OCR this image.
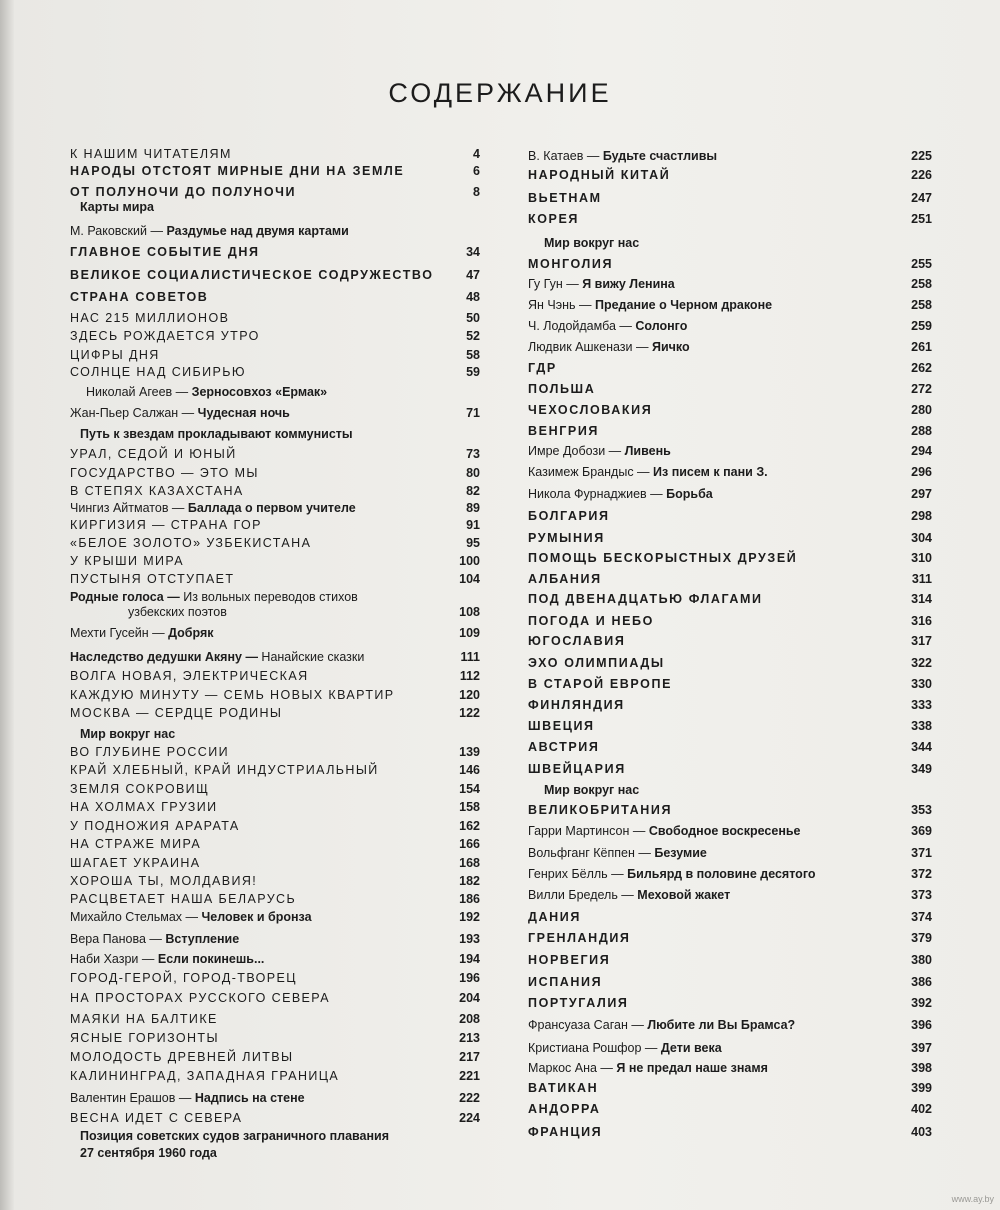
СОДЕРЖАНИЕ
К НАШИМ ЧИТАТЕЛЯМ	4
НАРОДЫ ОТСТОЯТ МИРНЫЕ ДНИ НА ЗЕМЛЕ	6
ОТ ПОЛУНОЧИ ДО ПОЛУНОЧИ	8
Карты мира
М. Раковский — Раздумье над двумя картами
ГЛАВНОЕ СОБЫТИЕ ДНЯ	34
ВЕЛИКОЕ СОЦИАЛИСТИЧЕСКОЕ СОДРУЖЕСТВО	47
СТРАНА СОВЕТОВ	48
НАС 215 МИЛЛИОНОВ	50
ЗДЕСЬ РОЖДАЕТСЯ УТРО	52
ЦИФРЫ ДНЯ	58
СОЛНЦЕ НАД СИБИРЬЮ	59
Николай Агеев — Зерносовхоз «Ермак»
Жан-Пьер Салжан — Чудесная ночь	71
Путь к звездам прокладывают коммунисты
УРАЛ, СЕДОЙ И ЮНЫЙ	73
ГОСУДАРСТВО — ЭТО МЫ	80
В СТЕПЯХ КАЗАХСТАНА	82
Чингиз Айтматов — Баллада о первом учителе	89
КИРГИЗИЯ — СТРАНА ГОР	91
«БЕЛОЕ ЗОЛОТО» УЗБЕКИСТАНА	95
У КРЫШИ МИРА	100
ПУСТЫНЯ ОТСТУПАЕТ	104
Родные голоса — Из вольных переводов стихов
узбекских поэтов	108
Мехти Гусейн — Добряк	109
Наследство дедушки Акяну — Нанайские сказки	111
ВОЛГА НОВАЯ, ЭЛЕКТРИЧЕСКАЯ	112
КАЖДУЮ МИНУТУ — СЕМЬ НОВЫХ КВАРТИР	120
МОСКВА — СЕРДЦЕ РОДИНЫ	122
Мир вокруг нас
ВО ГЛУБИНЕ РОССИИ	139
КРАЙ ХЛЕБНЫЙ, КРАЙ ИНДУСТРИАЛЬНЫЙ	146
ЗЕМЛЯ СОКРОВИЩ	154
НА ХОЛМАХ ГРУЗИИ	158
У ПОДНОЖИЯ АРАРАТА	162
НА СТРАЖЕ МИРА	166
ШАГАЕТ УКРАИНА	168
ХОРОША ТЫ, МОЛДАВИЯ!	182
РАСЦВЕТАЕТ НАША БЕЛАРУСЬ	186
Михайло Стельмах — Человек и бронза	192
Вера Панова — Вступление	193
Наби Хазри — Если покинешь...	194
ГОРОД-ГЕРОЙ, ГОРОД-ТВОРЕЦ	196
НА ПРОСТОРАХ РУССКОГО СЕВЕРА	204
МАЯКИ НА БАЛТИКЕ	208
ЯСНЫЕ ГОРИЗОНТЫ	213
МОЛОДОСТЬ ДРЕВНЕЙ ЛИТВЫ	217
КАЛИНИНГРАД, ЗАПАДНАЯ ГРАНИЦА	221
Валентин Ерашов — Надпись на стене	222
ВЕСНА ИДЕТ С СЕВЕРА	224
Позиция советских судов заграничного плавания
27 сентября 1960 года
В. Катаев — Будьте счастливы	225
НАРОДНЫЙ КИТАЙ	226
ВЬЕТНАМ	247
КОРЕЯ	251
Мир вокруг нас
МОНГОЛИЯ	255
Гу Гун — Я вижу Ленина	258
Ян Чэнь — Предание о Черном драконе	258
Ч. Лодойдамба — Солонго	259
Людвик Ашкенази — Яичко	261
ГДР	262
ПОЛЬША	272
ЧЕХОСЛОВАКИЯ	280
ВЕНГРИЯ	288
Имре Добози — Ливень	294
Казимеж Брандыс — Из писем к пани З.	296
Никола Фурнаджиев — Борьба	297
БОЛГАРИЯ	298
РУМЫНИЯ	304
ПОМОЩЬ БЕСКОРЫСТНЫХ ДРУЗЕЙ	310
АЛБАНИЯ	311
ПОД ДВЕНАДЦАТЬЮ ФЛАГАМИ	314
ПОГОДА И НЕБО	316
ЮГОСЛАВИЯ	317
ЭХО ОЛИМПИАДЫ	322
В СТАРОЙ ЕВРОПЕ	330
ФИНЛЯНДИЯ	333
ШВЕЦИЯ	338
АВСТРИЯ	344
ШВЕЙЦАРИЯ	349
Мир вокруг нас
ВЕЛИКОБРИТАНИЯ	353
Гарри Мартинсон — Свободное воскресенье	369
Вольфганг Кёппен — Безумие	371
Генрих Бёлль — Бильярд в половине десятого	372
Вилли Бредель — Меховой жакет	373
ДАНИЯ	374
ГРЕНЛАНДИЯ	379
НОРВЕГИЯ	380
ИСПАНИЯ	386
ПОРТУГАЛИЯ	392
Франсуаза Саган — Любите ли Вы Брамса?	396
Кристиана Рошфор — Дети века	397
Маркос Ана — Я не предал наше знамя	398
ВАТИКАН	399
АНДОРРА	402
ФРАНЦИЯ	403
www.ay.by
